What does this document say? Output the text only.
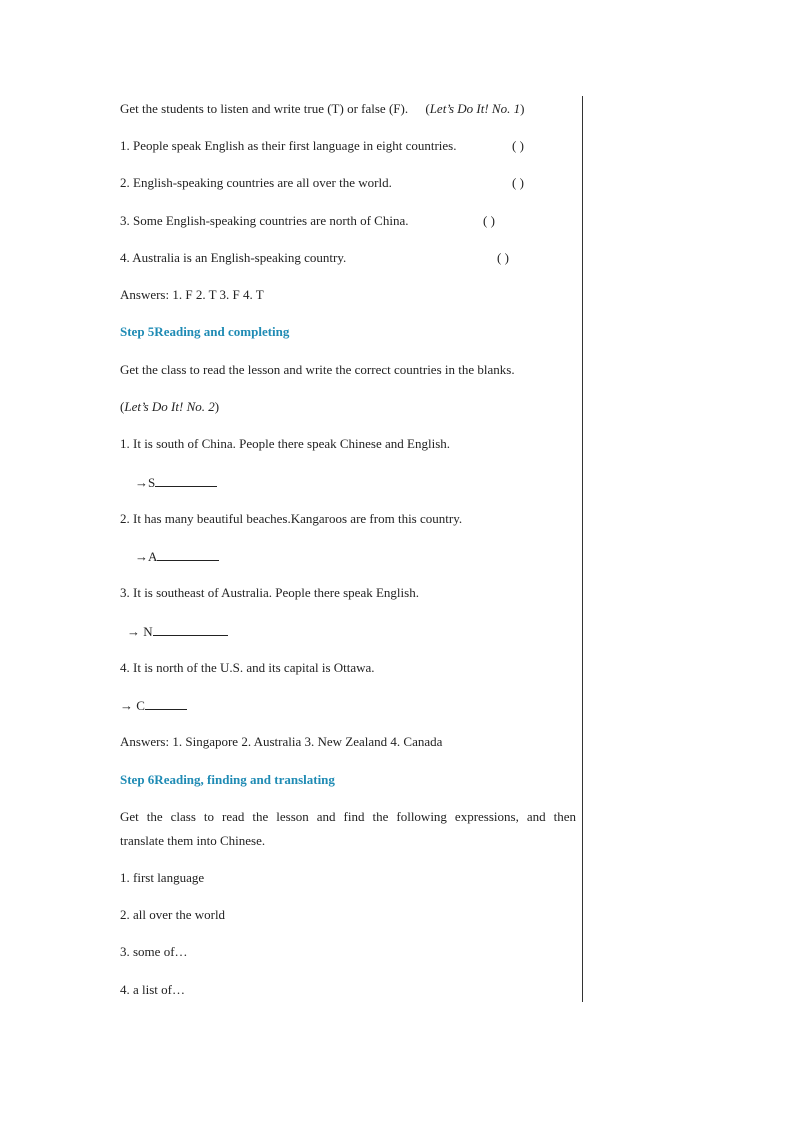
Get the students to listen and write true (T) or false (F). (Let’s Do It! No. 1)
1. People speak English as their first language in eight countries.	( )
2. English-speaking countries are all over the world.	( )
3. Some English-speaking countries are north of China.	( )
4. Australia is an English-speaking country.	( )
Answers: 1. F 2. T 3. F 4. T
Step 5Reading and completing
Get the class to read the lesson and write the correct countries in the blanks.
(Let’s Do It! No. 2)
1. It is south of China. People there speak Chinese and English.
→S
2. It has many beautiful beaches.Kangaroos are from this country.
→A
3. It is southeast of Australia. People there speak English.
→ N
4. It is north of the U.S. and its capital is Ottawa.
→ C
Answers: 1. Singapore 2. Australia 3. New Zealand 4. Canada
Step 6Reading, finding and translating
Get the class to read the lesson and find the following expressions, and then
translate them into Chinese.
1. first language
2. all over the world
3. some of…
4. a list of…
